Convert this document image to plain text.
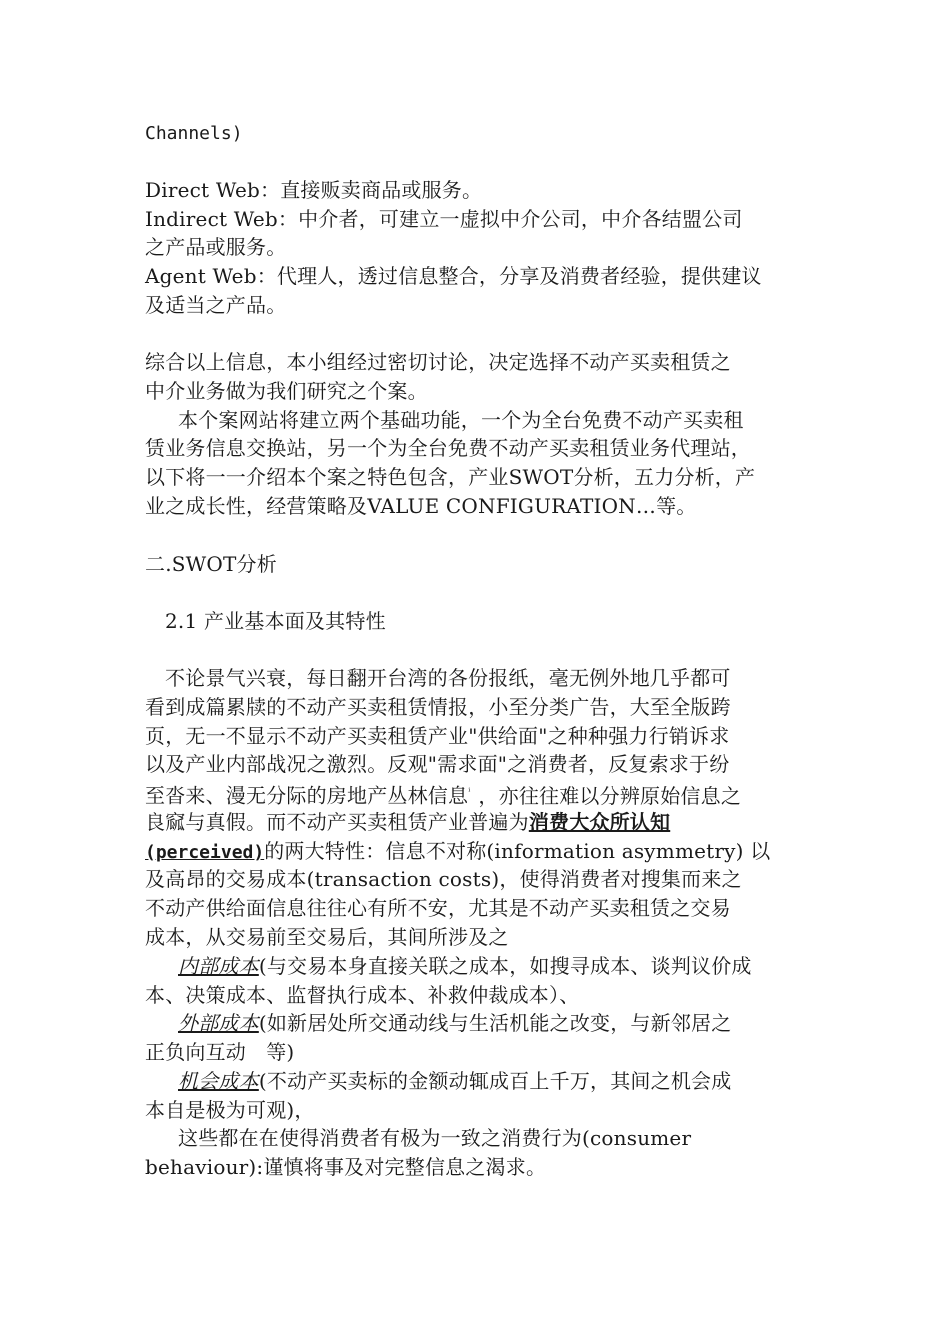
Channels)
Direct Web：直接贩卖商品或服务。
Indirect Web：中介者，可建立一虚拟中介公司，中介各结盟公司
之产品或服务。
Agent Web：代理人，透过信息整合，分享及消费者经验，提供建议
及适当之产品。
综合以上信息，本小组经过密切讨论，决定选择不动产买卖租赁之
中介业务做为我们研究之个案。
本个案网站将建立两个基础功能，一个为全台免费不动产买卖租
赁业务信息交换站，另一个为全台免费不动产买卖租赁业务代理站，
以下将一一介绍本个案之特色包含，产业SWOT分析，五力分析，产
业之成长性，经营策略及VALUE CONFIGURATION…等。
二.SWOT分析
2.1 产业基本面及其特性
不论景气兴衰，每日翻开台湾的各份报纸，毫无例外地几乎都可
看到成篇累牍的不动产买卖租赁情报，小至分类广告，大至全版跨
页，无一不显示不动产买卖租赁产业"供给面"之种种强力行销诉求
以及产业内部战况之激烈。反观"需求面"之消费者，反复索求于纷
至沓来、漫无分际的房地产丛林信息$^{^i}$ ，亦往往难以分辨原始信息之
良窳与真假。而不动产买卖租赁产业普遍为消费大众所认知
(perceived)的两大特性：信息不对称(information asymmetry) 以
及高昂的交易成本(transaction costs)，使得消费者对搜集而来之
不动产供给面信息往往心有所不安，尤其是不动产买卖租赁之交易
成本，从交易前至交易后，其间所涉及之
内部成本(与交易本身直接关联之成本，如搜寻成本、谈判议价成
本、决策成本、监督执行成本、补救仲裁成本）、
外部成本(如新居处所交通动线与生活机能之改变，与新邻居之
正负向互动　等)
机会成本(不动产买卖标的金额动辄成百上千万，其间之机会成
本自是极为可观)，
这些都在在使得消费者有极为一致之消费行为(consumer
behaviour):谨慎将事及对完整信息之渴求。
